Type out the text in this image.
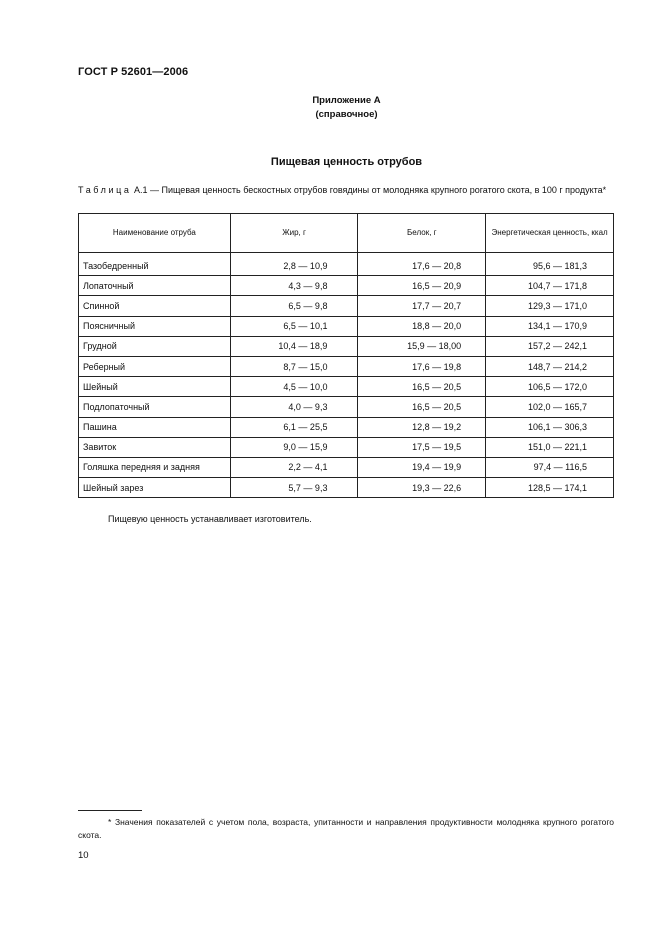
ГОСТ Р 52601—2006
Приложение А
(справочное)
Пищевая ценность отрубов
Таблица А.1 — Пищевая ценность бескостных отрубов говядины от молодняка крупного рогатого скота, в 100 г продукта*
Наименование отруба	Жир, г	Белок, г	Энергетическая ценность, ккал
Тазобедренный	2,8 — 10,9	17,6 — 20,8	95,6 — 181,3
Лопаточный	4,3 — 9,8	16,5 — 20,9	104,7 — 171,8
Спинной	6,5 — 9,8	17,7 — 20,7	129,3 — 171,0
Поясничный	6,5 — 10,1	18,8 — 20,0	134,1 — 170,9
Грудной	10,4 — 18,9	15,9 — 18,00	157,2 — 242,1
Реберный	8,7 — 15,0	17,6 — 19,8	148,7 — 214,2
Шейный	4,5 — 10,0	16,5 — 20,5	106,5 — 172,0
Подлопаточный	4,0 — 9,3	16,5 — 20,5	102,0 — 165,7
Пашина	6,1 — 25,5	12,8 — 19,2	106,1 — 306,3
Завиток	9,0 — 15,9	17,5 — 19,5	151,0 — 221,1
Голяшка передняя и задняя	2,2 — 4,1	19,4 — 19,9	97,4 — 116,5
Шейный зарез	5,7 — 9,3	19,3 — 22,6	128,5 — 174,1
Пищевую ценность устанавливает изготовитель.
* Значения показателей с учетом пола, возраста, упитанности и направления продуктивности молодняка крупного рогатого скота.
10
